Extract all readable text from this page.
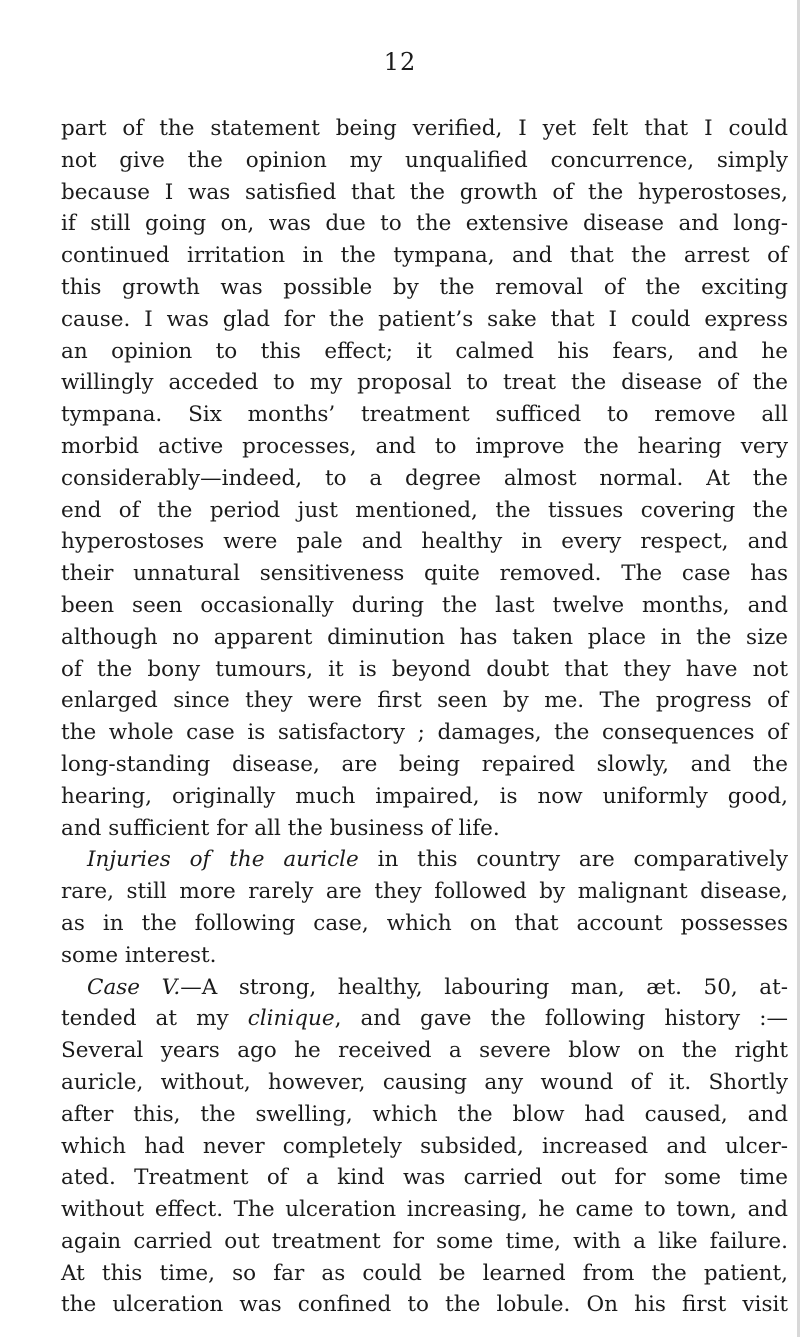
12
part of the statement being verified, I yet felt that I could
not give the opinion my unqualified concurrence, simply
because I was satisfied that the growth of the hyperostoses,
if still going on, was due to the extensive disease and long-
continued irritation in the tympana, and that the arrest of
this growth was possible by the removal of the exciting
cause. I was glad for the patient’s sake that I could express
an opinion to this effect; it calmed his fears, and he
willingly acceded to my proposal to treat the disease of the
tympana. Six months’ treatment sufficed to remove all
morbid active processes, and to improve the hearing very
considerably—indeed, to a degree almost normal. At the
end of the period just mentioned, the tissues covering the
hyperostoses were pale and healthy in every respect, and
their unnatural sensitiveness quite removed. The case has
been seen occasionally during the last twelve months, and
although no apparent diminution has taken place in the size
of the bony tumours, it is beyond doubt that they have not
enlarged since they were first seen by me. The progress of
the whole case is satisfactory ; damages, the consequences of
long-standing disease, are being repaired slowly, and the
hearing, originally much impaired, is now uniformly good,
and sufficient for all the business of life.
Injuries of the auricle in this country are comparatively
rare, still more rarely are they followed by malignant disease,
as in the following case, which on that account possesses
some interest.
Case V.—A strong, healthy, labouring man, æt. 50, at-
tended at my clinique, and gave the following history :—
Several years ago he received a severe blow on the right
auricle, without, however, causing any wound of it. Shortly
after this, the swelling, which the blow had caused, and
which had never completely subsided, increased and ulcer-
ated. Treatment of a kind was carried out for some time
without effect. The ulceration increasing, he came to town, and
again carried out treatment for some time, with a like failure.
At this time, so far as could be learned from the patient,
the ulceration was confined to the lobule. On his first visit
